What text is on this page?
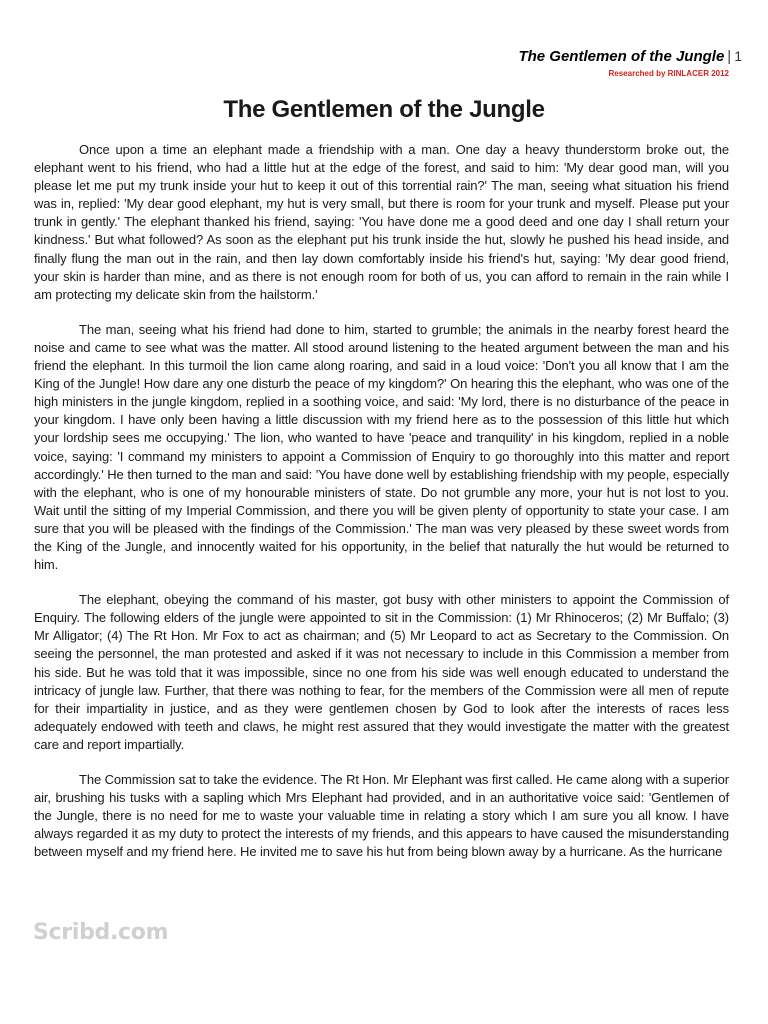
The Gentlemen of the Jungle | 1
Researched by RINLACER 2012
The Gentlemen of the Jungle

Once upon a time an elephant made a friendship with a man. One day a heavy thunderstorm broke out, the elephant went to his friend, who had a little hut at the edge of the forest, and said to him: 'My dear good man, will you please let me put my trunk inside your hut to keep it out of this torrential rain?' The man, seeing what situation his friend was in, replied: 'My dear good elephant, my hut is very small, but there is room for your trunk and myself. Please put your trunk in gently.' The elephant thanked his friend, saying: 'You have done me a good deed and one day I shall return your kindness.' But what followed? As soon as the elephant put his trunk inside the hut, slowly he pushed his head inside, and finally flung the man out in the rain, and then lay down comfortably inside his friend's hut, saying: 'My dear good friend, your skin is harder than mine, and as there is not enough room for both of us, you can afford to remain in the rain while I am protecting my delicate skin from the hailstorm.'

The man, seeing what his friend had done to him, started to grumble; the animals in the nearby forest heard the noise and came to see what was the matter. All stood around listening to the heated argument between the man and his friend the elephant. In this turmoil the lion came along roaring, and said in a loud voice: 'Don't you all know that I am the King of the Jungle! How dare any one disturb the peace of my kingdom?' On hearing this the elephant, who was one of the high ministers in the jungle kingdom, replied in a soothing voice, and said: 'My lord, there is no disturbance of the peace in your kingdom. I have only been having a little discussion with my friend here as to the possession of this little hut which your lordship sees me occupying.' The lion, who wanted to have 'peace and tranquility' in his kingdom, replied in a noble voice, saying: 'I command my ministers to appoint a Commission of Enquiry to go thoroughly into this matter and report accordingly.' He then turned to the man and said: 'You have done well by establishing friendship with my people, especially with the elephant, who is one of my honourable ministers of state. Do not grumble any more, your hut is not lost to you. Wait until the sitting of my Imperial Commission, and there you will be given plenty of opportunity to state your case. I am sure that you will be pleased with the findings of the Commission.' The man was very pleased by these sweet words from the King of the Jungle, and innocently waited for his opportunity, in the belief that naturally the hut would be returned to him.

The elephant, obeying the command of his master, got busy with other ministers to appoint the Commission of Enquiry. The following elders of the jungle were appointed to sit in the Commission: (1) Mr Rhinoceros; (2) Mr Buffalo; (3) Mr Alligator; (4) The Rt Hon. Mr Fox to act as chairman; and (5) Mr Leopard to act as Secretary to the Commission. On seeing the personnel, the man protested and asked if it was not necessary to include in this Commission a member from his side. But he was told that it was impossible, since no one from his side was well enough educated to understand the intricacy of jungle law. Further, that there was nothing to fear, for the members of the Commission were all men of repute for their impartiality in justice, and as they were gentlemen chosen by God to look after the interests of races less adequately endowed with teeth and claws, he might rest assured that they would investigate the matter with the greatest care and report impartially.

The Commission sat to take the evidence. The Rt Hon. Mr Elephant was first called. He came along with a superior air, brushing his tusks with a sapling which Mrs Elephant had provided, and in an authoritative voice said: 'Gentlemen of the Jungle, there is no need for me to waste your valuable time in relating a story which I am sure you all know. I have always regarded it as my duty to protect the interests of my friends, and this appears to have caused the misunderstanding between myself and my friend here. He invited me to save his hut from being blown away by a hurricane. As the hurricane

Scribd.com
